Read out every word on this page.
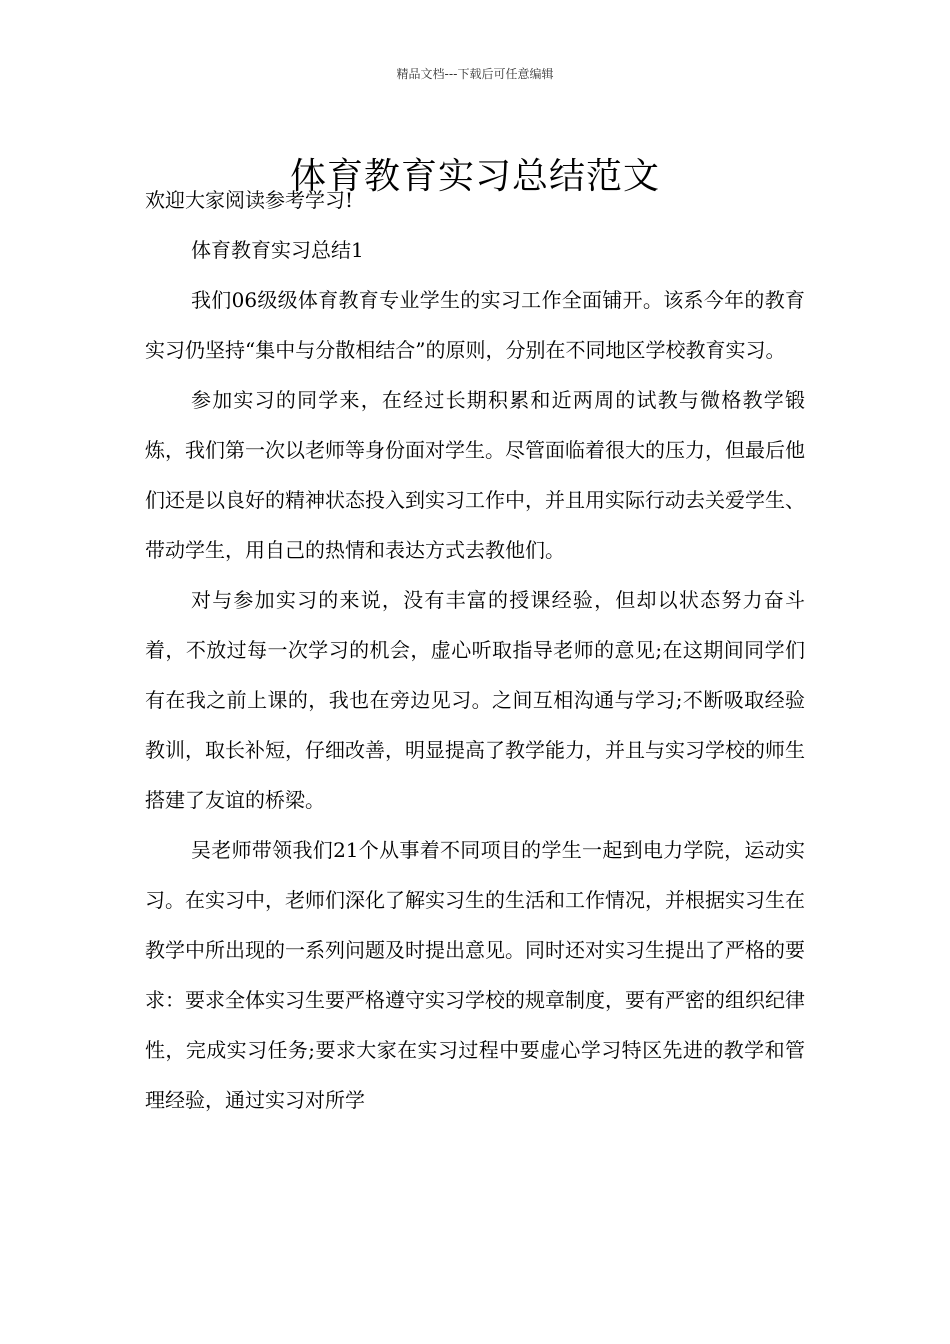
精品文档---下载后可任意编辑
体育教育实习总结范文

欢迎大家阅读参考学习!

体育教育实习总结1

我们06级级体育教育专业学生的实习工作全面铺开。该系今年的教育实习仍坚持“集中与分散相结合”的原则，分别在不同地区学校教育实习。

参加实习的同学来，在经过长期积累和近两周的试教与微格教学锻炼，我们第一次以老师等身份面对学生。尽管面临着很大的压力，但最后他们还是以良好的精神状态投入到实习工作中，并且用实际行动去关爱学生、带动学生，用自己的热情和表达方式去教他们。

对与参加实习的来说，没有丰富的授课经验，但却以状态努力奋斗着，不放过每一次学习的机会，虚心听取指导老师的意见;在这期间同学们有在我之前上课的，我也在旁边见习。之间互相沟通与学习;不断吸取经验教训，取长补短，仔细改善，明显提高了教学能力，并且与实习学校的师生搭建了友谊的桥梁。

吴老师带领我们21个从事着不同项目的学生一起到电力学院，运动实习。在实习中，老师们深化了解实习生的生活和工作情况，并根据实习生在教学中所出现的一系列问题及时提出意见。同时还对实习生提出了严格的要求：要求全体实习生要严格遵守实习学校的规章制度，要有严密的组织纪律性，完成实习任务;要求大家在实习过程中要虚心学习特区先进的教学和管理经验，通过实习对所学
